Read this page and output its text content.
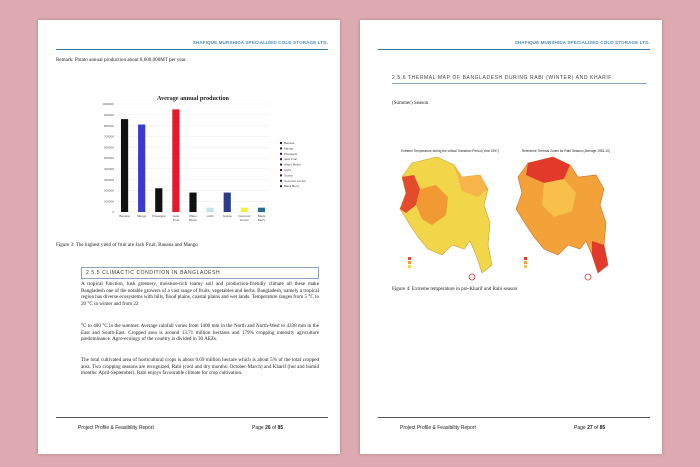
SHAFIQUE MURSHIDA SPECIALIZED COLD STORAGE LTD.
Remark: Potato annual production about 8,600,000MT per year.
Average annual production
0
100000
200000
300000
400000
500000
600000
700000
800000
900000
1000000
Banana Mango Pineapple Jack
Fruit
Water
Melon
Litchi	Guava Coconut/
Lemon
Black
Berry
Banana
Mango
Pineapple
Jack Fruit
Water Melon
Litchi
Guava
Coconut/ Lemon
Black Berry
Figure 3: The highest yield of fruit are Jack Fruit, Banana and Mango
2.5.5 CLIMACTIC CONDITION IN BANGLADESH
A tropical function, lush greenery, moisture-rich loamy soil and production-friendly climate all these make Bangladesh one of the notable growers of a vast range of fruits, vegetables and herbs. Bangladesh, namely a tropical region has diverse ecosystems with hills, flood plains, coastal plains and wet lands. Temperature ranges from 5 °C to 20 °C in winter and from 22
°C to 400 °C in the summer. Average rainfall varies from 1400 mm in the North and North-West to 4338 mm in the East and South-East. Cropped area is around 13.71 million hectares and 179% cropping intensity agriculture predominance. Agro-ecology of the country is divided in 30 AEZs.
The total cultivated area of horticultural crops is about 0.69 million hectare which is about 5% of the total cropped area. Two cropping seasons are recognized, Rabi (cool and dry months: October-March) and Kharif (hot and humid months: April-September). Rabi enjoys favourable climate for crop cultivation.
Project Profile & Feasibility Report	Page 26 of 85
SHAFIQUE MURSHIDA SPECIALIZED COLD STORAGE LTD.
2.5.6 THERMAL MAP OF BANGLADESH DURING RABI (WINTER) AND KHARIF
(Summer) Season
Extreme Temperature during the critical Transition Period (Year 1997)	Reference Thermal Zones for Rabi Season (Average 1981-10)
Figure 4: Extreme temperature in pre-Kharif and Rabi season
Project Profile & Feasibility Report	Page 27 of 85
